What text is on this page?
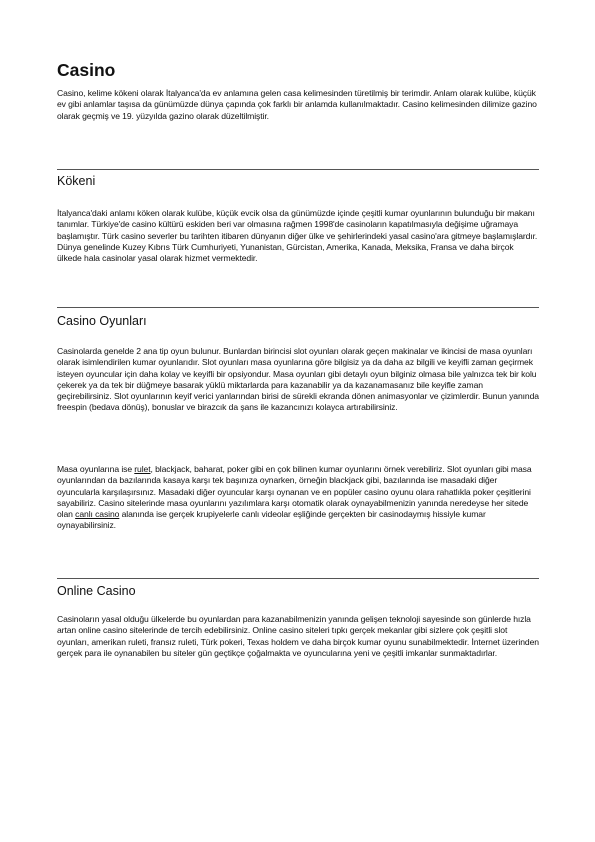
Casino

Casino, kelime kökeni olarak İtalyanca'da ev anlamına gelen casa kelimesinden türetilmiş bir terimdir. Anlam olarak kulübe, küçük ev gibi anlamlar taşısa da günümüzde dünya çapında çok farklı bir anlamda kullanılmaktadır. Casino kelimesinden dilimize gazino olarak geçmiş ve 19. yüzyılda gazino olarak düzeltilmiştir.

Kökeni

İtalyanca'daki anlamı köken olarak kulübe, küçük evcik olsa da günümüzde içinde çeşitli kumar oyunlarının bulunduğu bir makanı tanımlar. Türkiye'de casino kültürü eskiden beri var olmasına rağmen 1998'de casinoların kapatılmasıyla değişime uğramaya başlamıştır. Türk casino severler bu tarihten itibaren dünyanın diğer ülke ve şehirlerindeki yasal casino'ara gitmeye başlamışlardır. Dünya genelinde Kuzey Kıbrıs Türk Cumhuriyeti, Yunanistan, Gürcistan, Amerika, Kanada, Meksika, Fransa ve daha birçok ülkede hala casinolar yasal olarak hizmet vermektedir.

Casino Oyunları

Casinolarda genelde 2 ana tip oyun bulunur. Bunlardan birincisi slot oyunları olarak geçen makinalar ve ikincisi de masa oyunları olarak isimlendirilen kumar oyunlarıdır. Slot oyunları masa oyunlarına göre bilgisiz ya da daha az bilgili ve keyifli zaman geçirmek isteyen oyuncular için daha kolay ve keyifli bir opsiyondur. Masa oyunları gibi detaylı oyun bilginiz olmasa bile yalnızca tek bir kolu çekerek ya da tek bir düğmeye basarak yüklü miktarlarda para kazanabilir ya da kazanamasanız bile keyifle zaman geçirebilirsiniz. Slot oyunlarının keyif verici yanlarından birisi de sürekli ekranda dönen animasyonlar ve çizimlerdir. Bunun yanında freespin (bedava dönüş), bonuslar ve birazcık da şans ile kazancınızı kolayca artırabilirsiniz.

Masa oyunlarına ise rulet, blackjack, baharat, poker gibi en çok bilinen kumar oyunlarını örnek verebiliriz. Slot oyunları gibi masa oyunlarından da bazılarında kasaya karşı tek başınıza oynarken, örneğin blackjack gibi, bazılarında ise masadaki diğer oyuncularla karşılaşırsınız. Masadaki diğer oyuncular karşı oynanan ve en popüler casino oyunu olara rahatlıkla poker çeşitlerini sayabiliriz. Casino sitelerinde masa oyunlarını yazılımlara karşı otomatik olarak oynayabilmenizin yanında neredeyse her sitede olan canlı casino alanında ise gerçek krupiyelerle canlı videolar eşliğinde gerçekten bir casinodaymış hissiyle kumar oynayabilirsiniz.

Online Casino

Casinoların yasal olduğu ülkelerde bu oyunlardan para kazanabilmenizin yanında gelişen teknoloji sayesinde son günlerde hızla artan online casino sitelerinde de tercih edebilirsiniz. Online casino siteleri tıpkı gerçek mekanlar gibi sizlere çok çeşitli slot oyunları, amerikan ruleti, fransız ruleti, Türk pokeri, Texas holdem ve daha birçok kumar oyunu sunabilmektedir. İnternet üzerinden gerçek para ile oynanabilen bu siteler gün geçtikçe çoğalmakta ve oyuncularına yeni ve çeşitli imkanlar sunmaktadırlar.
